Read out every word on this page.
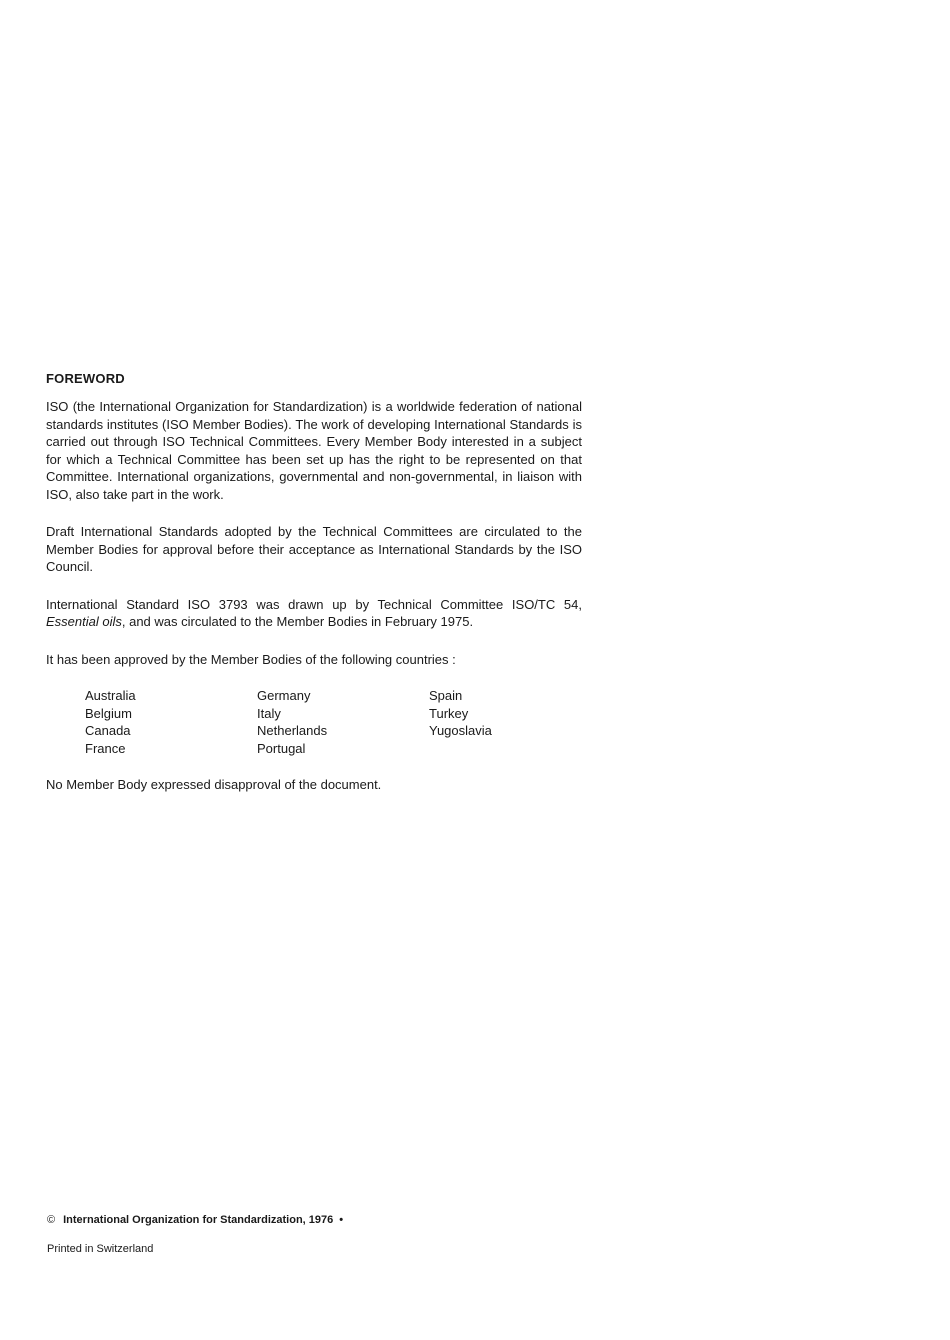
FOREWORD

ISO (the International Organization for Standardization) is a worldwide federation of national standards institutes (ISO Member Bodies). The work of developing International Standards is carried out through ISO Technical Committees. Every Member Body interested in a subject for which a Technical Committee has been set up has the right to be represented on that Committee. International organizations, governmental and non-governmental, in liaison with ISO, also take part in the work.

Draft International Standards adopted by the Technical Committees are circulated to the Member Bodies for approval before their acceptance as International Standards by the ISO Council.

International Standard ISO 3793 was drawn up by Technical Committee ISO/TC 54, Essential oils, and was circulated to the Member Bodies in February 1975.

It has been approved by the Member Bodies of the following countries :

Australia
Belgium
Canada
France
Germany
Italy
Netherlands
Portugal
Spain
Turkey
Yugoslavia

No Member Body expressed disapproval of the document.

© International Organization for Standardization, 1976 •
Printed in Switzerland
